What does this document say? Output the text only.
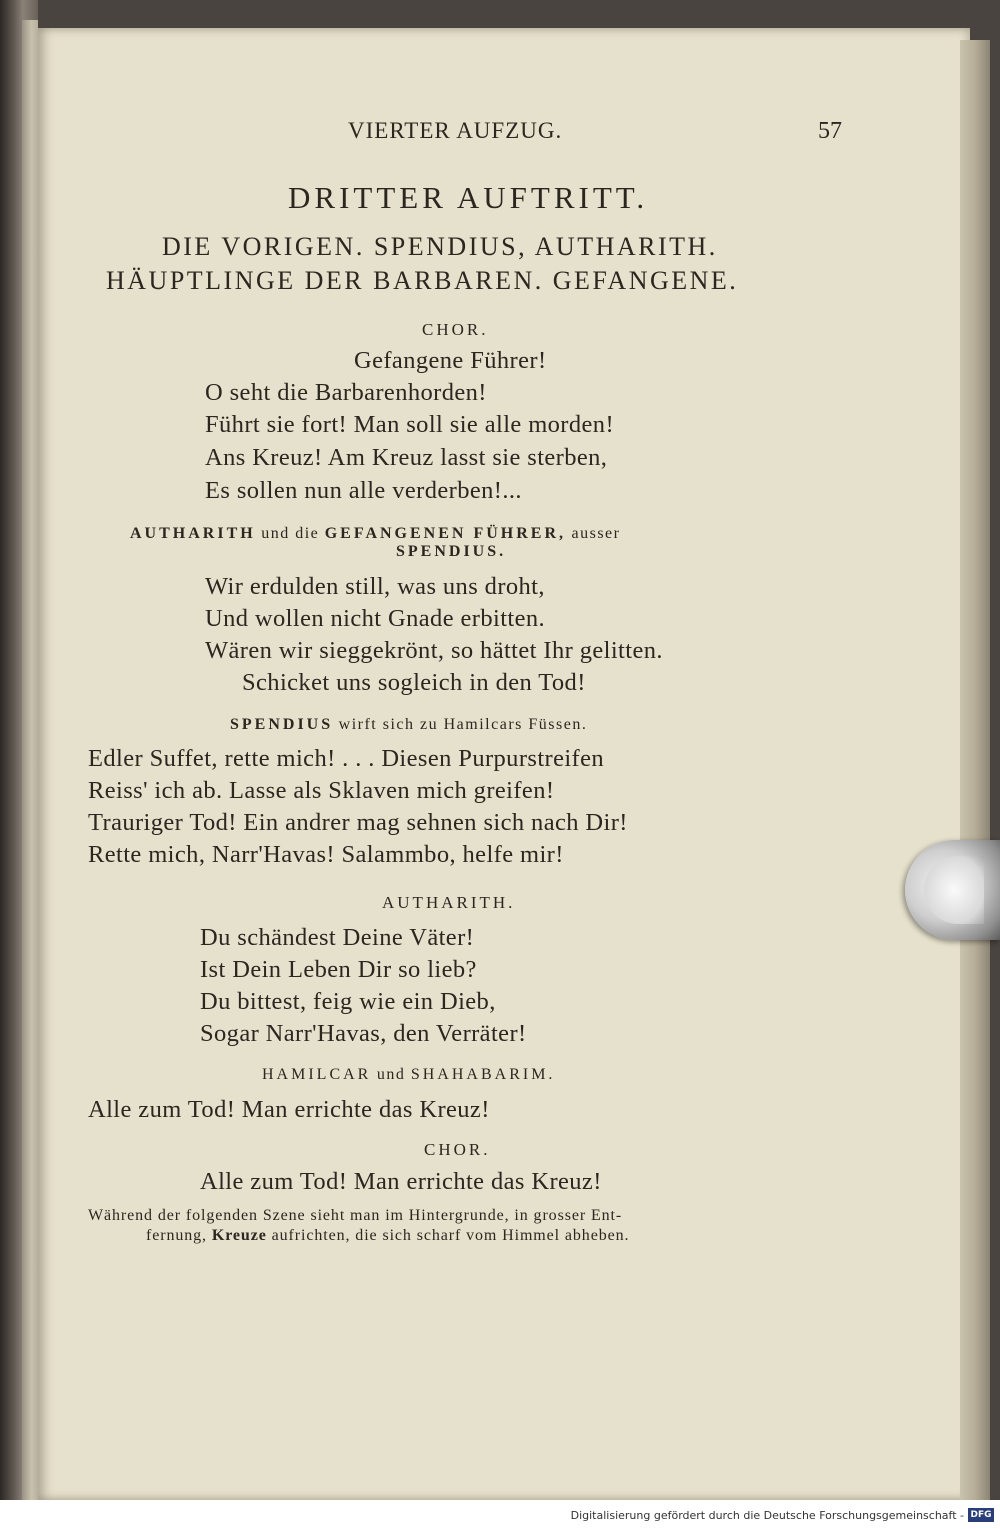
VIERTER AUFZUG.	57
DRITTER AUFTRITT.
DIE VORIGEN. SPENDIUS, AUTHARITH.
HÄUPTLINGE DER BARBAREN. GEFANGENE.
CHOR.
Gefangene Führer!
O seht die Barbarenhorden!
Führt sie fort! Man soll sie alle morden!
Ans Kreuz! Am Kreuz lasst sie sterben,
Es sollen nun alle verderben!...
AUTHARITH und die GEFANGENEN FÜHRER, ausser
SPENDIUS.
Wir erdulden still, was uns droht,
Und wollen nicht Gnade erbitten.
Wären wir sieggekrönt, so hättet Ihr gelitten.
Schicket uns sogleich in den Tod!
SPENDIUS wirft sich zu Hamilcars Füssen.
Edler Suffet, rette mich! . . . Diesen Purpurstreifen
Reiss' ich ab. Lasse als Sklaven mich greifen!
Trauriger Tod! Ein andrer mag sehnen sich nach Dir!
Rette mich, Narr'Havas! Salammbo, helfe mir!
AUTHARITH.
Du schändest Deine Väter!
Ist Dein Leben Dir so lieb?
Du bittest, feig wie ein Dieb,
Sogar Narr'Havas, den Verräter!
HAMILCAR und SHAHABARIM.
Alle zum Tod! Man errichte das Kreuz!
CHOR.
Alle zum Tod! Man errichte das Kreuz!
Während der folgenden Szene sieht man im Hintergrunde, in grosser Ent-
fernung, Kreuze aufrichten, die sich scharf vom Himmel abheben.
Digitalisierung gefördert durch die Deutsche Forschungsgemeinschaft - DFG
